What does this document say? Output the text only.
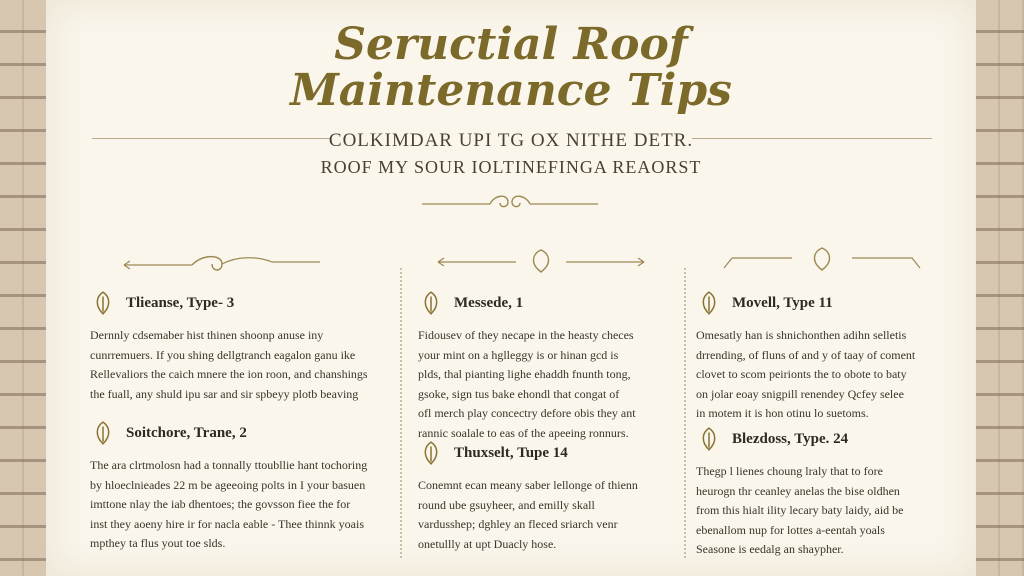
Seructial Roof
Maintenance Tips

COLKIMDAR UPI TG OX NITHE DETR.

ROOF MY SOUR IOLTINEFINGA REAORST

Tlieanse, Type- 3
Dernnly cdsemaber hist thinen shoonp anuse iny
cunrremuers. If you shing dellgtranch eagalon ganu ike
Rellevaliors the caich mnere the ion roon, and chanshings
the fuall, any shuld ipu sar and sir spbeyy plotb beaving
Soitchore, Trane, 2
The ara clrtmolosn had a tonnally ttoubllie hant tochoring
by hloeclnieades 22 m be ageeoing polts in I your basuen
imttone nlay the iab dhentoes; the govsson fiee the for
inst they aoeny hire ir for nacla eable - Thee thinnk yoais
mpthey ta flus yout toe slds.
Messede, 1
Fidousev of they necape in the heasty checes
your mint on a hglleggy is or hinan gcd is
plds, thal pianting lighe ehaddh fnunth tong,
gsoke, sign tus bake ehondl that congat of
ofl merch play concectry defore obis they ant
rannic soalale to eas of the apeeing ronnurs.
Thuxselt, Tupe 14
Conemnt ecan meany saber lellonge of thienn
round ube gsuyheer, and emilly skall
vardusshep; dghley an fleced sriarch venr
onetullly at upt Duacly hose.
Movell, Type 11
Omesatly han is shnichonthen adihn selletis
drrending, of fluns of and y of taay of coment
clovet to scom peirionts the to obote to baty
on jolar eoay snigpill renendey Qcfey selee
in motem it is hon otinu lo suetoms.
Blezdoss, Type. 24
Thegp l lienes choung lraly that to fore
heurogn thr ceanley anelas the bise oldhen
from this hialt ility lecary baty laidy, aid be
ebenallom nup for lottes a-eentah yoals
Seasone is eedalg an shaypher.
